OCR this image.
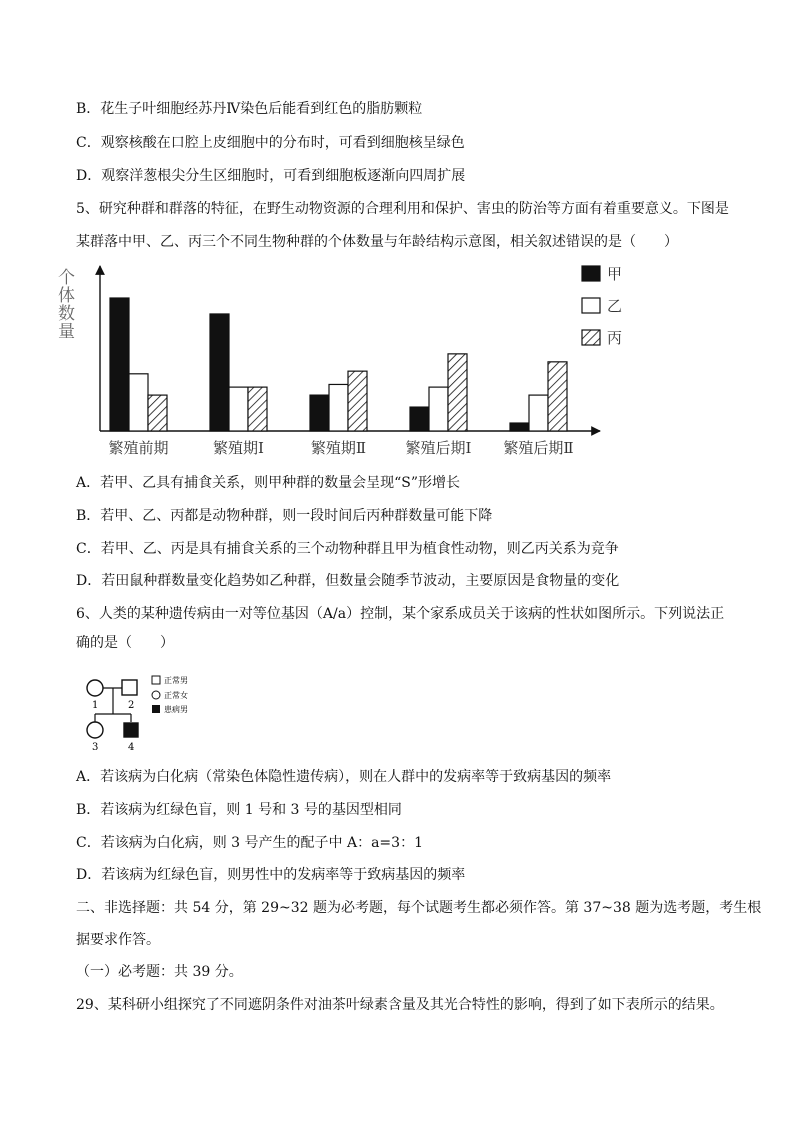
B．花生子叶细胞经苏丹Ⅳ染色后能看到红色的脂肪颗粒
C．观察核酸在口腔上皮细胞中的分布时，可看到细胞核呈绿色
D．观察洋葱根尖分生区细胞时，可看到细胞板逐渐向四周扩展
5、研究种群和群落的特征，在野生动物资源的合理利用和保护、害虫的防治等方面有着重要意义。下图是
某群落中甲、乙、丙三个不同生物种群的个体数量与年龄结构示意图，相关叙述错误的是（　　）
个体数量
繁殖前期	繁殖期Ⅰ	繁殖期Ⅱ	繁殖后期Ⅰ 繁殖后期Ⅱ
甲
乙
丙
A．若甲、乙具有捕食关系，则甲种群的数量会呈现“S”形增长
B．若甲、乙、丙都是动物种群，则一段时间后丙种群数量可能下降
C．若甲、乙、丙是具有捕食关系的三个动物种群且甲为植食性动物，则乙丙关系为竞争
D．若田鼠种群数量变化趋势如乙种群，但数量会随季节波动，主要原因是食物量的变化
6、人类的某种遗传病由一对等位基因（A/a）控制，某个家系成员关于该病的性状如图所示。下列说法正
确的是（　　）
1	2
3	4
正常男
正常女
患病男
A．若该病为白化病（常染色体隐性遗传病），则在人群中的发病率等于致病基因的频率
B．若该病为红绿色盲，则 1 号和 3 号的基因型相同
C．若该病为白化病，则 3 号产生的配子中 A：a=3：1
D．若该病为红绿色盲，则男性中的发病率等于致病基因的频率
二、非选择题：共 54 分，第 29~32 题为必考题，每个试题考生都必须作答。第 37~38 题为选考题，考生根
据要求作答。
（一）必考题：共 39 分。
29、某科研小组探究了不同遮阴条件对油茶叶绿素含量及其光合特性的影响，得到了如下表所示的结果。
